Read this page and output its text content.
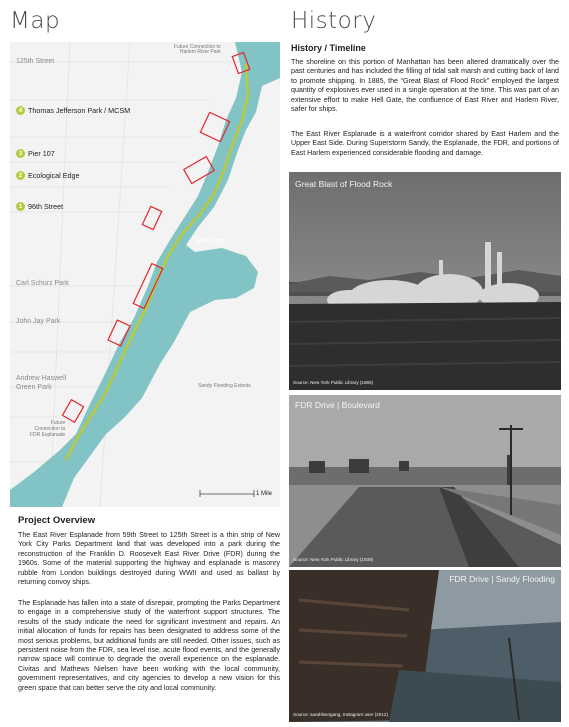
Map	History
125th Street
Future Connection to
Harlem River Park
Hell Gate
Carl Schurz Park
John Jay Park
Andrew Haswell
Green Park	Sandy Flooding Extents
Future
Connection to
FDR Esplanade
1 Mile
4 Thomas Jefferson Park / MCSM
3 Pier 107
2 Ecological Edge
1 96th Street
Project Overview
The East River Esplanade from 59th Street to 125th Street is a thin strip of New York City Parks Department land that was developed into a park during the reconstruction of the Franklin D. Roosevelt East River Drive (FDR) during the 1960s. Some of the material supporting the highway and esplanade is masonry rubble from London buildings destroyed during WWII and used as ballast by returning convoy ships.
The Esplanade has fallen into a state of disrepair, prompting the Parks Department to engage in a comprehensive study of the waterfront support structures. The results of the study indicate the need for significant investment and repairs. An initial allocation of funds for repairs has been designated to address some of the most serious problems, but additional funds are still needed. Other issues, such as persistent noise from the FDR, sea level rise, acute flood events, and the generally narrow space will continue to degrade the overall experience on the esplanade. Civitas and Mathews Nielsen have been working with the local community, government representatives, and city agencies to develop a new vision for this green space that can better serve the city and local community.
History / Timeline
The shoreline on this portion of Manhattan has been altered dramatically over the past centuries and has included the filling of tidal salt marsh and cutting back of land to promote shipping. In 1885, the “Great Blast of Flood Rock” employed the largest quantity of explosives ever used in a single operation at the time. This was part of an extensive effort to make Hell Gate, the confluence of East River and Harlem River, safer for ships.
The East River Esplanade is a waterfront corridor shared by East Harlem and the Upper East Side. During Superstorm Sandy, the Esplanade, the FDR, and portions of East Harlem experienced considerable flooding and damage.
Great Blast of Flood Rock
Source: New York Public Library (1885)
FDR Drive | Boulevard
Source: New York Public Library (1939)
FDR Drive | Sandy Flooding
Source: sarahlsengang, Instagram user (2012)
